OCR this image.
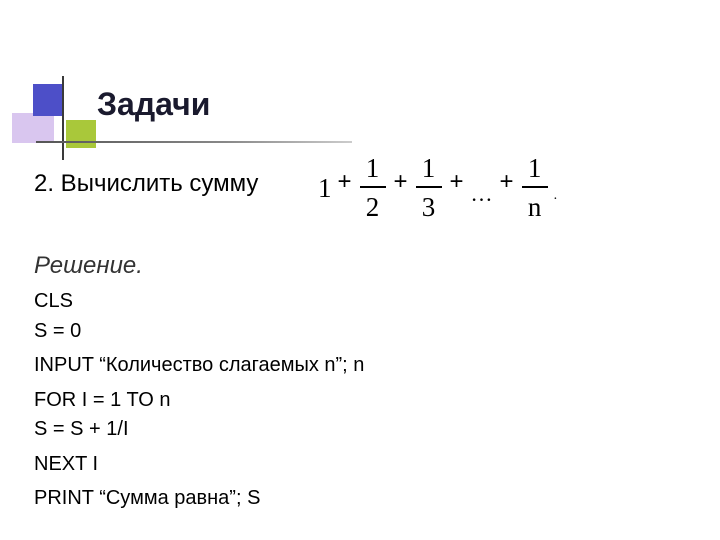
Задачи
2. Вычислить сумму $1 + \frac{1}{2} + \frac{1}{3}$ + … + $\frac{1}{n}$ .
Решение.
CLS
S = 0
INPUT “Количество слагаемых n”; n
FOR I = 1 TO n
S = S + 1/I
NEXT I
PRINT “Сумма равна”; S
